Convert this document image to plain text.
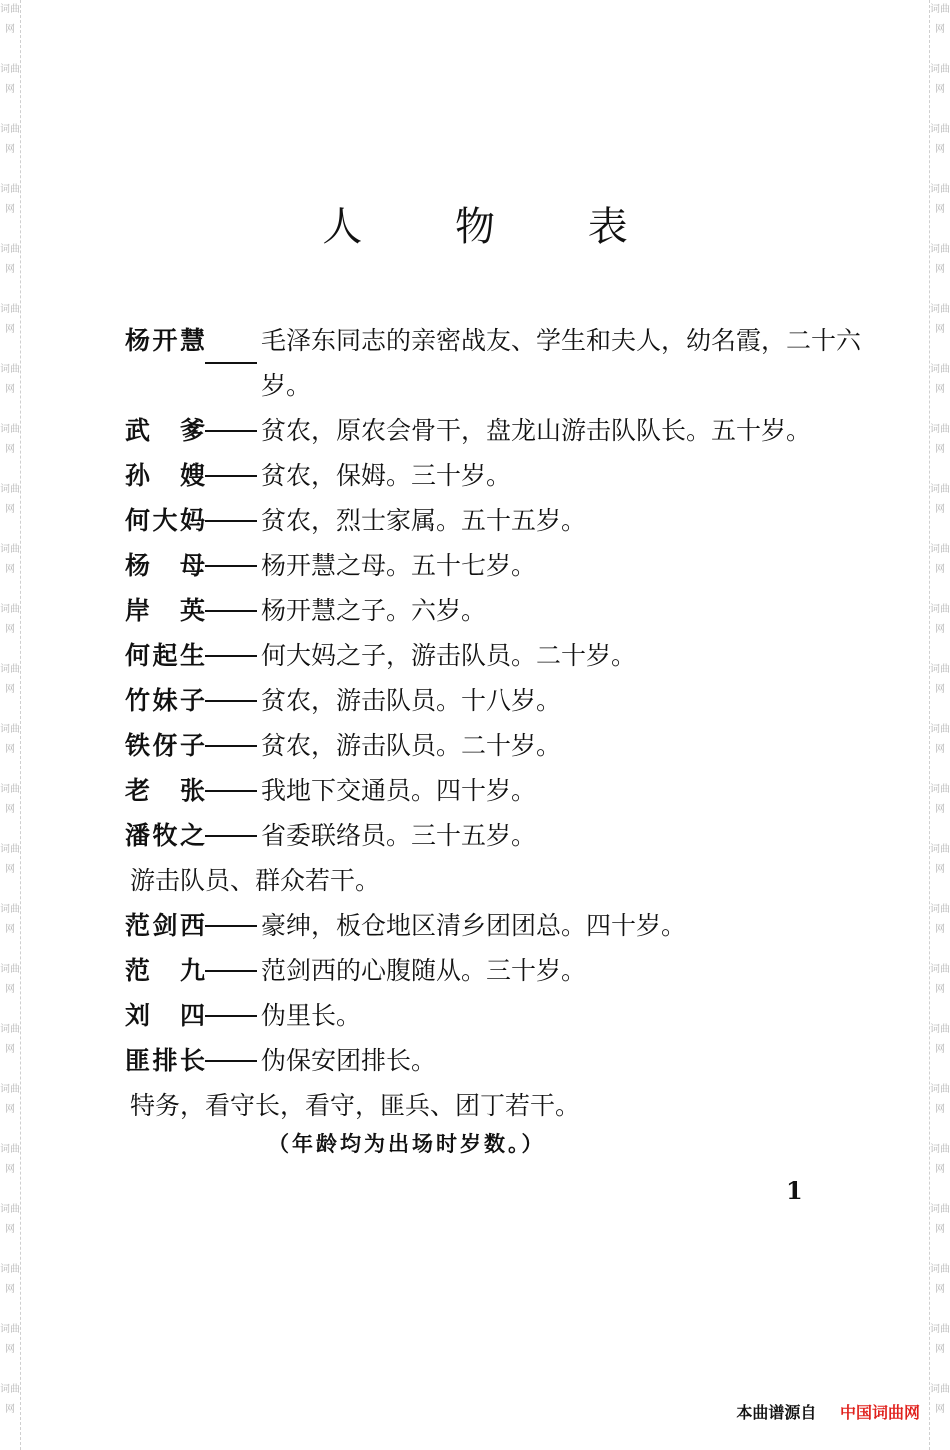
词曲网
词曲网
词曲网
词曲网
词曲网
词曲网
词曲网
词曲网
词曲网
词曲网
词曲网
词曲网
词曲网
词曲网
词曲网
词曲网
词曲网
词曲网
词曲网
词曲网
词曲网
词曲网
词曲网
词曲网
词曲网
词曲网
词曲网
词曲网
词曲网
词曲网
词曲网
词曲网
词曲网
词曲网
词曲网
词曲网
词曲网
词曲网
词曲网
词曲网
词曲网
词曲网
词曲网
词曲网
词曲网
词曲网
词曲网
词曲网
人 物 表
杨开慧 毛泽东同志的亲密战友、学生和夫人，幼名霞，二十六岁。
武 爹 贫农，原农会骨干，盘龙山游击队队长。五十岁。
孙 嫂 贫农，保姆。三十岁。
何大妈 贫农，烈士家属。五十五岁。
杨 母 杨开慧之母。五十七岁。
岸 英 杨开慧之子。六岁。
何起生 何大妈之子，游击队员。二十岁。
竹妹子 贫农，游击队员。十八岁。
铁伢子 贫农，游击队员。二十岁。
老 张 我地下交通员。四十岁。
潘牧之 省委联络员。三十五岁。
游击队员、群众若干。
范剑西 豪绅，板仓地区清乡团团总。四十岁。
范 九 范剑西的心腹随从。三十岁。
刘 四 伪里长。
匪排长 伪保安团排长。
特务，看守长，看守，匪兵、团丁若干。
（年龄均为出场时岁数。）
1
本曲谱源自 中国词曲网
